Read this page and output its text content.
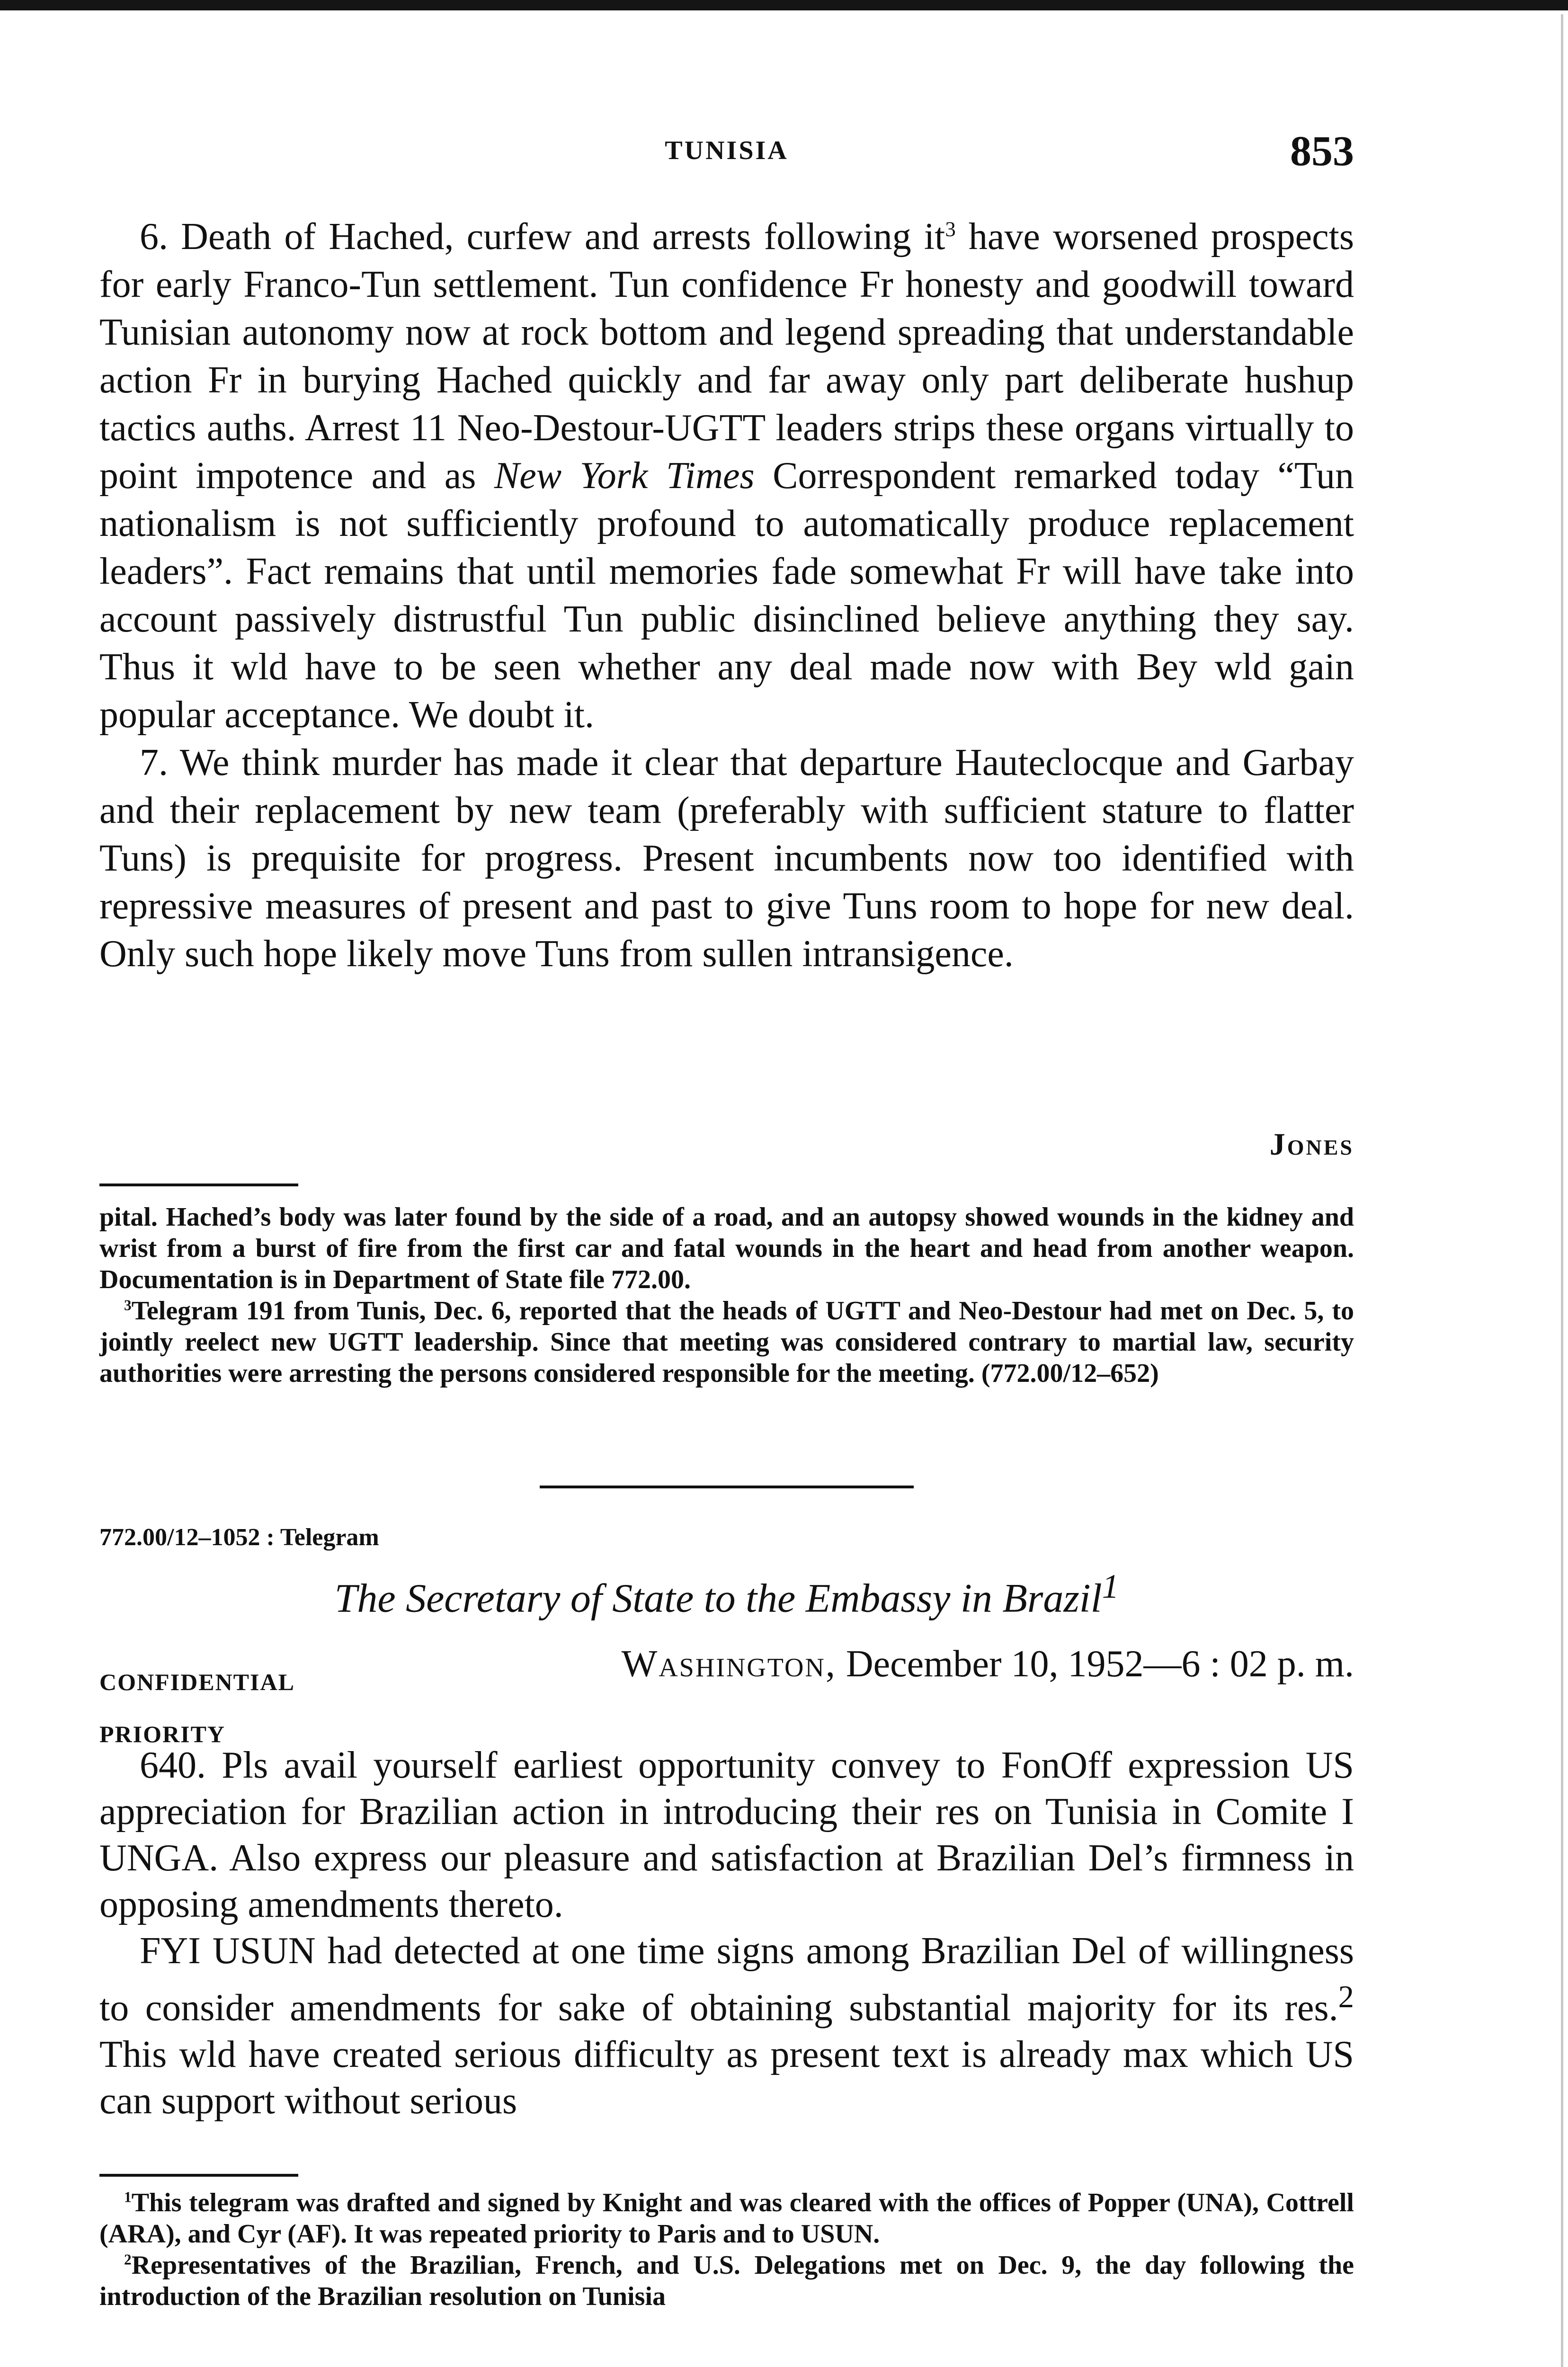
TUNISIA	853

6. Death of Hached, curfew and arrests following $it^3$ have worsened prospects for early Franco-Tun settlement. Tun confidence Fr honesty and goodwill toward Tunisian autonomy now at rock bottom and legend spreading that understandable action Fr in burying Hached quickly and far away only part deliberate hushup tactics auths. Arrest 11 Neo-Destour-UGTT leaders strips these organs virtually to point impotence and as New York Times Correspondent remarked today “Tun nationalism is not sufficiently profound to automatically produce replacement leaders”. Fact remains that until memories fade somewhat Fr will have take into account passively distrustful Tun public disinclined believe anything they say. Thus it wld have to be seen whether any deal made now with Bey wld gain popular acceptance. We doubt it.

7. We think murder has made it clear that departure Hauteclocque and Garbay and their replacement by new team (preferably with sufficient stature to flatter Tuns) is prequisite for progress. Present incumbents now too identified with repressive measures of present and past to give Tuns room to hope for new deal. Only such hope likely move Tuns from sullen intransigence.

Jones

pital. Hached’s body was later found by the side of a road, and an autopsy showed wounds in the kidney and wrist from a burst of fire from the first car and fatal wounds in the heart and head from another weapon. Documentation is in Department of State file 772.00.

$^3$Telegram 191 from Tunis, Dec. 6, reported that the heads of UGTT and Neo-Destour had met on Dec. 5, to jointly reelect new UGTT leadership. Since that meeting was considered contrary to martial law, security authorities were arresting the persons considered responsible for the meeting. (772.00/12–652)

772.00/12–1052 : Telegram
The Secretary of State to the Embassy in Brazil$^1$
CONFIDENTIAL
PRIORITY
Washington, December 10, 1952—6 : 02 p. m.

640. Pls avail yourself earliest opportunity convey to FonOff expression US appreciation for Brazilian action in introducing their res on Tunisia in Comite I UNGA. Also express our pleasure and satisfaction at Brazilian Del’s firmness in opposing amendments thereto.

FYI USUN had detected at one time signs among Brazilian Del of willingness to consider amendments for sake of obtaining substantial majority for its res.$^2$ This wld have created serious difficulty as present text is already max which US can support without serious

$^1$This telegram was drafted and signed by Knight and was cleared with the offices of Popper (UNA), Cottrell (ARA), and Cyr (AF). It was repeated priority to Paris and to USUN.

$^2$Representatives of the Brazilian, French, and U.S. Delegations met on Dec. 9, the day following the introduction of the Brazilian resolution on Tunisia
